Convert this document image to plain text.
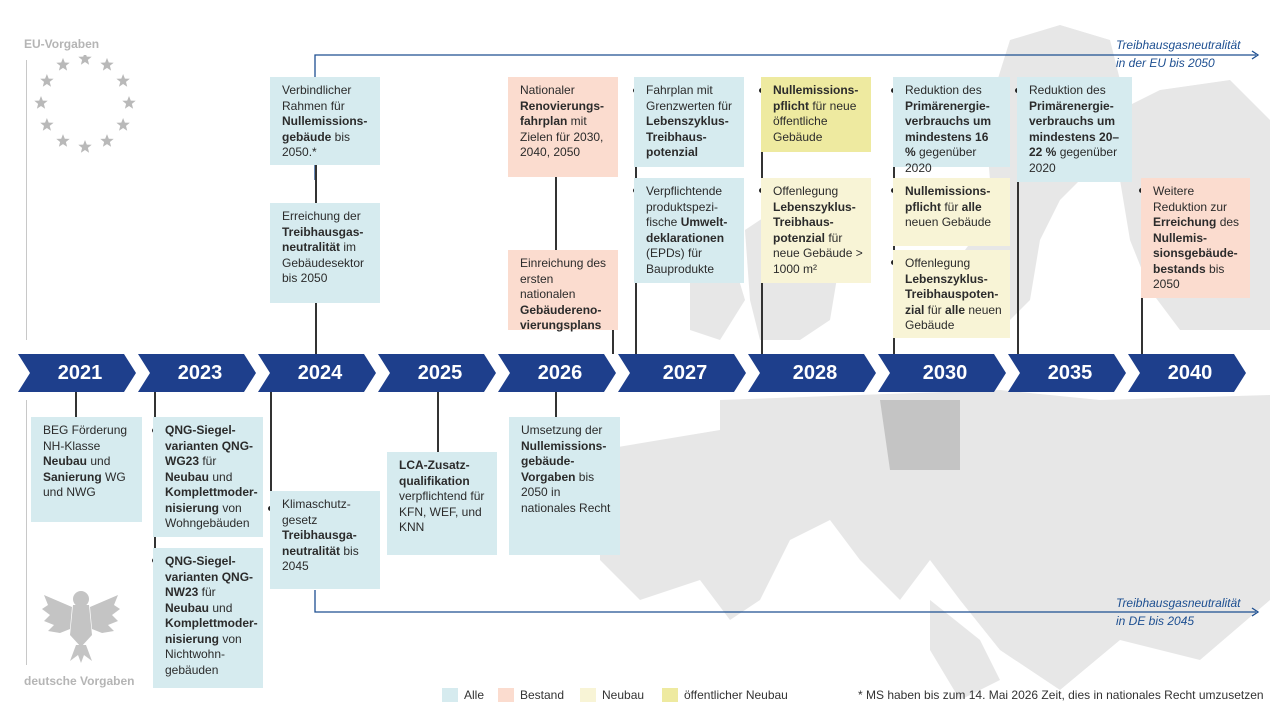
EU-Vorgaben
deutsche Vorgaben
Treibhausgasneutralität
in der EU bis 2050
Treibhausgasneutralität
in DE bis 2045
2021	2023	2024	2025	2026	2027	2028	2030	2035	2040
Verbindlicher Rahmen für Nullemissions-gebäude bis 2050.*
Erreichung der Treibhausgas-neutralität im Gebäudesektor bis 2050
Nationaler Renovierungs-fahrplan mit Zielen für 2030, 2040, 2050
Einreichung des ersten nationalen Gebäudereno-vierungsplans
Fahrplan mit Grenzwerten für Lebenszyklus-Treibhaus-potenzial
Verpflichtende produktspezi-fische Umwelt-deklarationen (EPDs) für Bauprodukte
Nullemissions-pflicht für neue öffentliche Gebäude
Offenlegung Lebenszyklus-Treibhaus-potenzial für neue Gebäude > 1000 m²
Reduktion des Primärenergie-verbrauchs um mindestens 16 % gegenüber 2020
Nullemissions-pflicht für alle neuen Gebäude
Offenlegung Lebenszyklus-Treibhauspoten-zial für alle neuen Gebäude
Reduktion des Primärenergie-verbrauchs um mindestens 20–22 % gegenüber 2020
Weitere Reduktion zur Erreichung des Nullemis-sionsgebäude-bestands bis 2050
BEG Förderung NH-Klasse Neubau und Sanierung WG und NWG
QNG-Siegel-varianten QNG-WG23 für Neubau und Komplettmoder-nisierung von Wohngebäuden
QNG-Siegel-varianten QNG-NW23 für Neubau und Komplettmoder-nisierung von Nichtwohn-gebäuden
Klimaschutz-gesetz Treibhausga-neutralität bis 2045
LCA-Zusatz-qualifikation verpflichtend für KFN, WEF, und KNN
Umsetzung der Nullemissions-gebäude-Vorgaben bis 2050 in nationales Recht
Alle	Bestand	Neubau	öffentlicher Neubau	* MS haben bis zum 14. Mai 2026 Zeit, dies in nationales Recht umzusetzen
